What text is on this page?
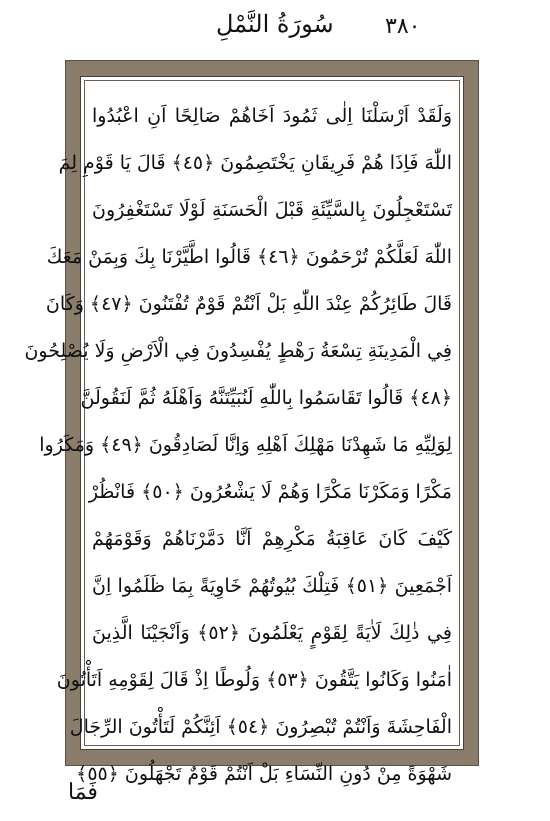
٣٨٠
سُورَةُ النَّمْلِ
وَلَقَدْ اَرْسَلْنَا اِلٰى ثَمُودَ اَخَاهُمْ صَالِحًا اَنِ اعْبُدُوا
اللّٰهَ فَاِذَا هُمْ فَرِيقَانِ يَخْتَصِمُونَ ﴿٤٥﴾ قَالَ يَا قَوْمِ لِمَ
تَسْتَعْجِلُونَ بِالسَّيِّئَةِ قَبْلَ الْحَسَنَةِ لَوْلَا تَسْتَغْفِرُونَ
اللّٰهَ لَعَلَّكُمْ تُرْحَمُونَ ﴿٤٦﴾ قَالُوا اطَّيَّرْنَا بِكَ وَبِمَنْ مَعَكَ
قَالَ طَائِرُكُمْ عِنْدَ اللّٰهِ بَلْ اَنْتُمْ قَوْمٌ تُفْتَنُونَ ﴿٤٧﴾ وَكَانَ
فِي الْمَدِينَةِ تِسْعَةُ رَهْطٍ يُفْسِدُونَ فِي الْاَرْضِ وَلَا يُصْلِحُونَ
﴿٤٨﴾ قَالُوا تَقَاسَمُوا بِاللّٰهِ لَنُبَيِّتَنَّهُ وَاَهْلَهُ ثُمَّ لَنَقُولَنَّ
لِوَلِيِّهِ مَا شَهِدْنَا مَهْلِكَ اَهْلِهِ وَاِنَّا لَصَادِقُونَ ﴿٤٩﴾ وَمَكَرُوا
مَكْرًا وَمَكَرْنَا مَكْرًا وَهُمْ لَا يَشْعُرُونَ ﴿٥٠﴾ فَانْظُرْ
كَيْفَ كَانَ عَاقِبَةُ مَكْرِهِمْ اَنَّا دَمَّرْنَاهُمْ وَقَوْمَهُمْ
اَجْمَعِينَ ﴿٥١﴾ فَتِلْكَ بُيُوتُهُمْ خَاوِيَةً بِمَا ظَلَمُوا اِنَّ
فِي ذٰلِكَ لَاٰيَةً لِقَوْمٍ يَعْلَمُونَ ﴿٥٢﴾ وَاَنْجَيْنَا الَّذِينَ
اٰمَنُوا وَكَانُوا يَتَّقُونَ ﴿٥٣﴾ وَلُوطًا اِذْ قَالَ لِقَوْمِهِ اَتَأْتُونَ
الْفَاحِشَةَ وَاَنْتُمْ تُبْصِرُونَ ﴿٥٤﴾ اَئِنَّكُمْ لَتَأْتُونَ الرِّجَالَ
شَهْوَةً مِنْ دُونِ النِّسَاءِ بَلْ اَنْتُمْ قَوْمٌ تَجْهَلُونَ ﴿٥٥﴾
فَمَا
